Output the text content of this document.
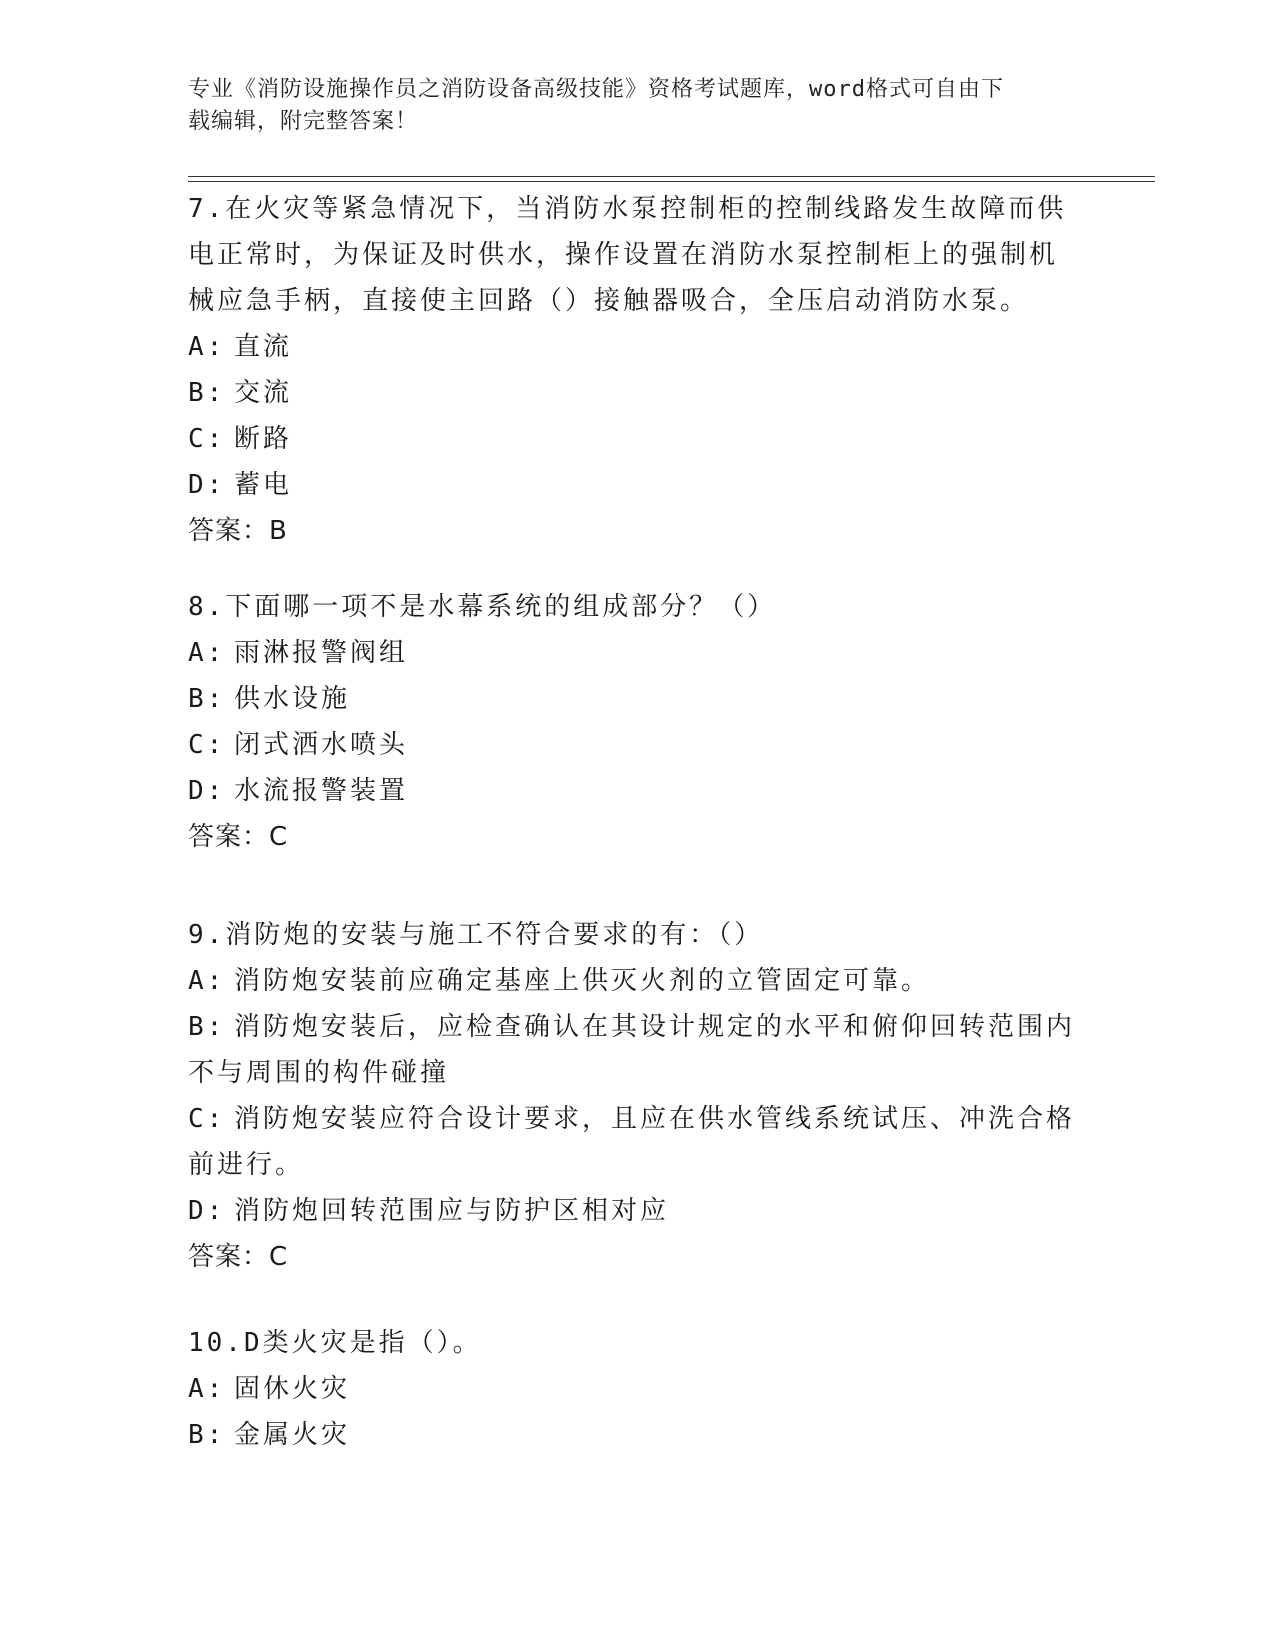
专业《消防设施操作员之消防设备高级技能》资格考试题库，word格式可自由下
载编辑，附完整答案！

7.在火灾等紧急情况下，当消防水泵控制柜的控制线路发生故障而供

电正常时，为保证及时供水，操作设置在消防水泵控制柜上的强制机

械应急手柄，直接使主回路（）接触器吸合，全压启动消防水泵。

A: 直流
B: 交流
C: 断路
D: 蓄电

答案：B

8.下面哪一项不是水幕系统的组成部分？（）

A: 雨淋报警阀组
B: 供水设施
C: 闭式洒水喷头
D: 水流报警装置

答案：C

9.消防炮的安装与施工不符合要求的有：（）

A: 消防炮安装前应确定基座上供灭火剂的立管固定可靠。
B: 消防炮安装后，应检查确认在其设计规定的水平和俯仰回转范围内

不与周围的构件碰撞

C: 消防炮安装应符合设计要求，且应在供水管线系统试压、冲洗合格

前进行。

D: 消防炮回转范围应与防护区相对应

答案：C

10.D类火灾是指（）。

A: 固休火灾
B: 金属火灾
